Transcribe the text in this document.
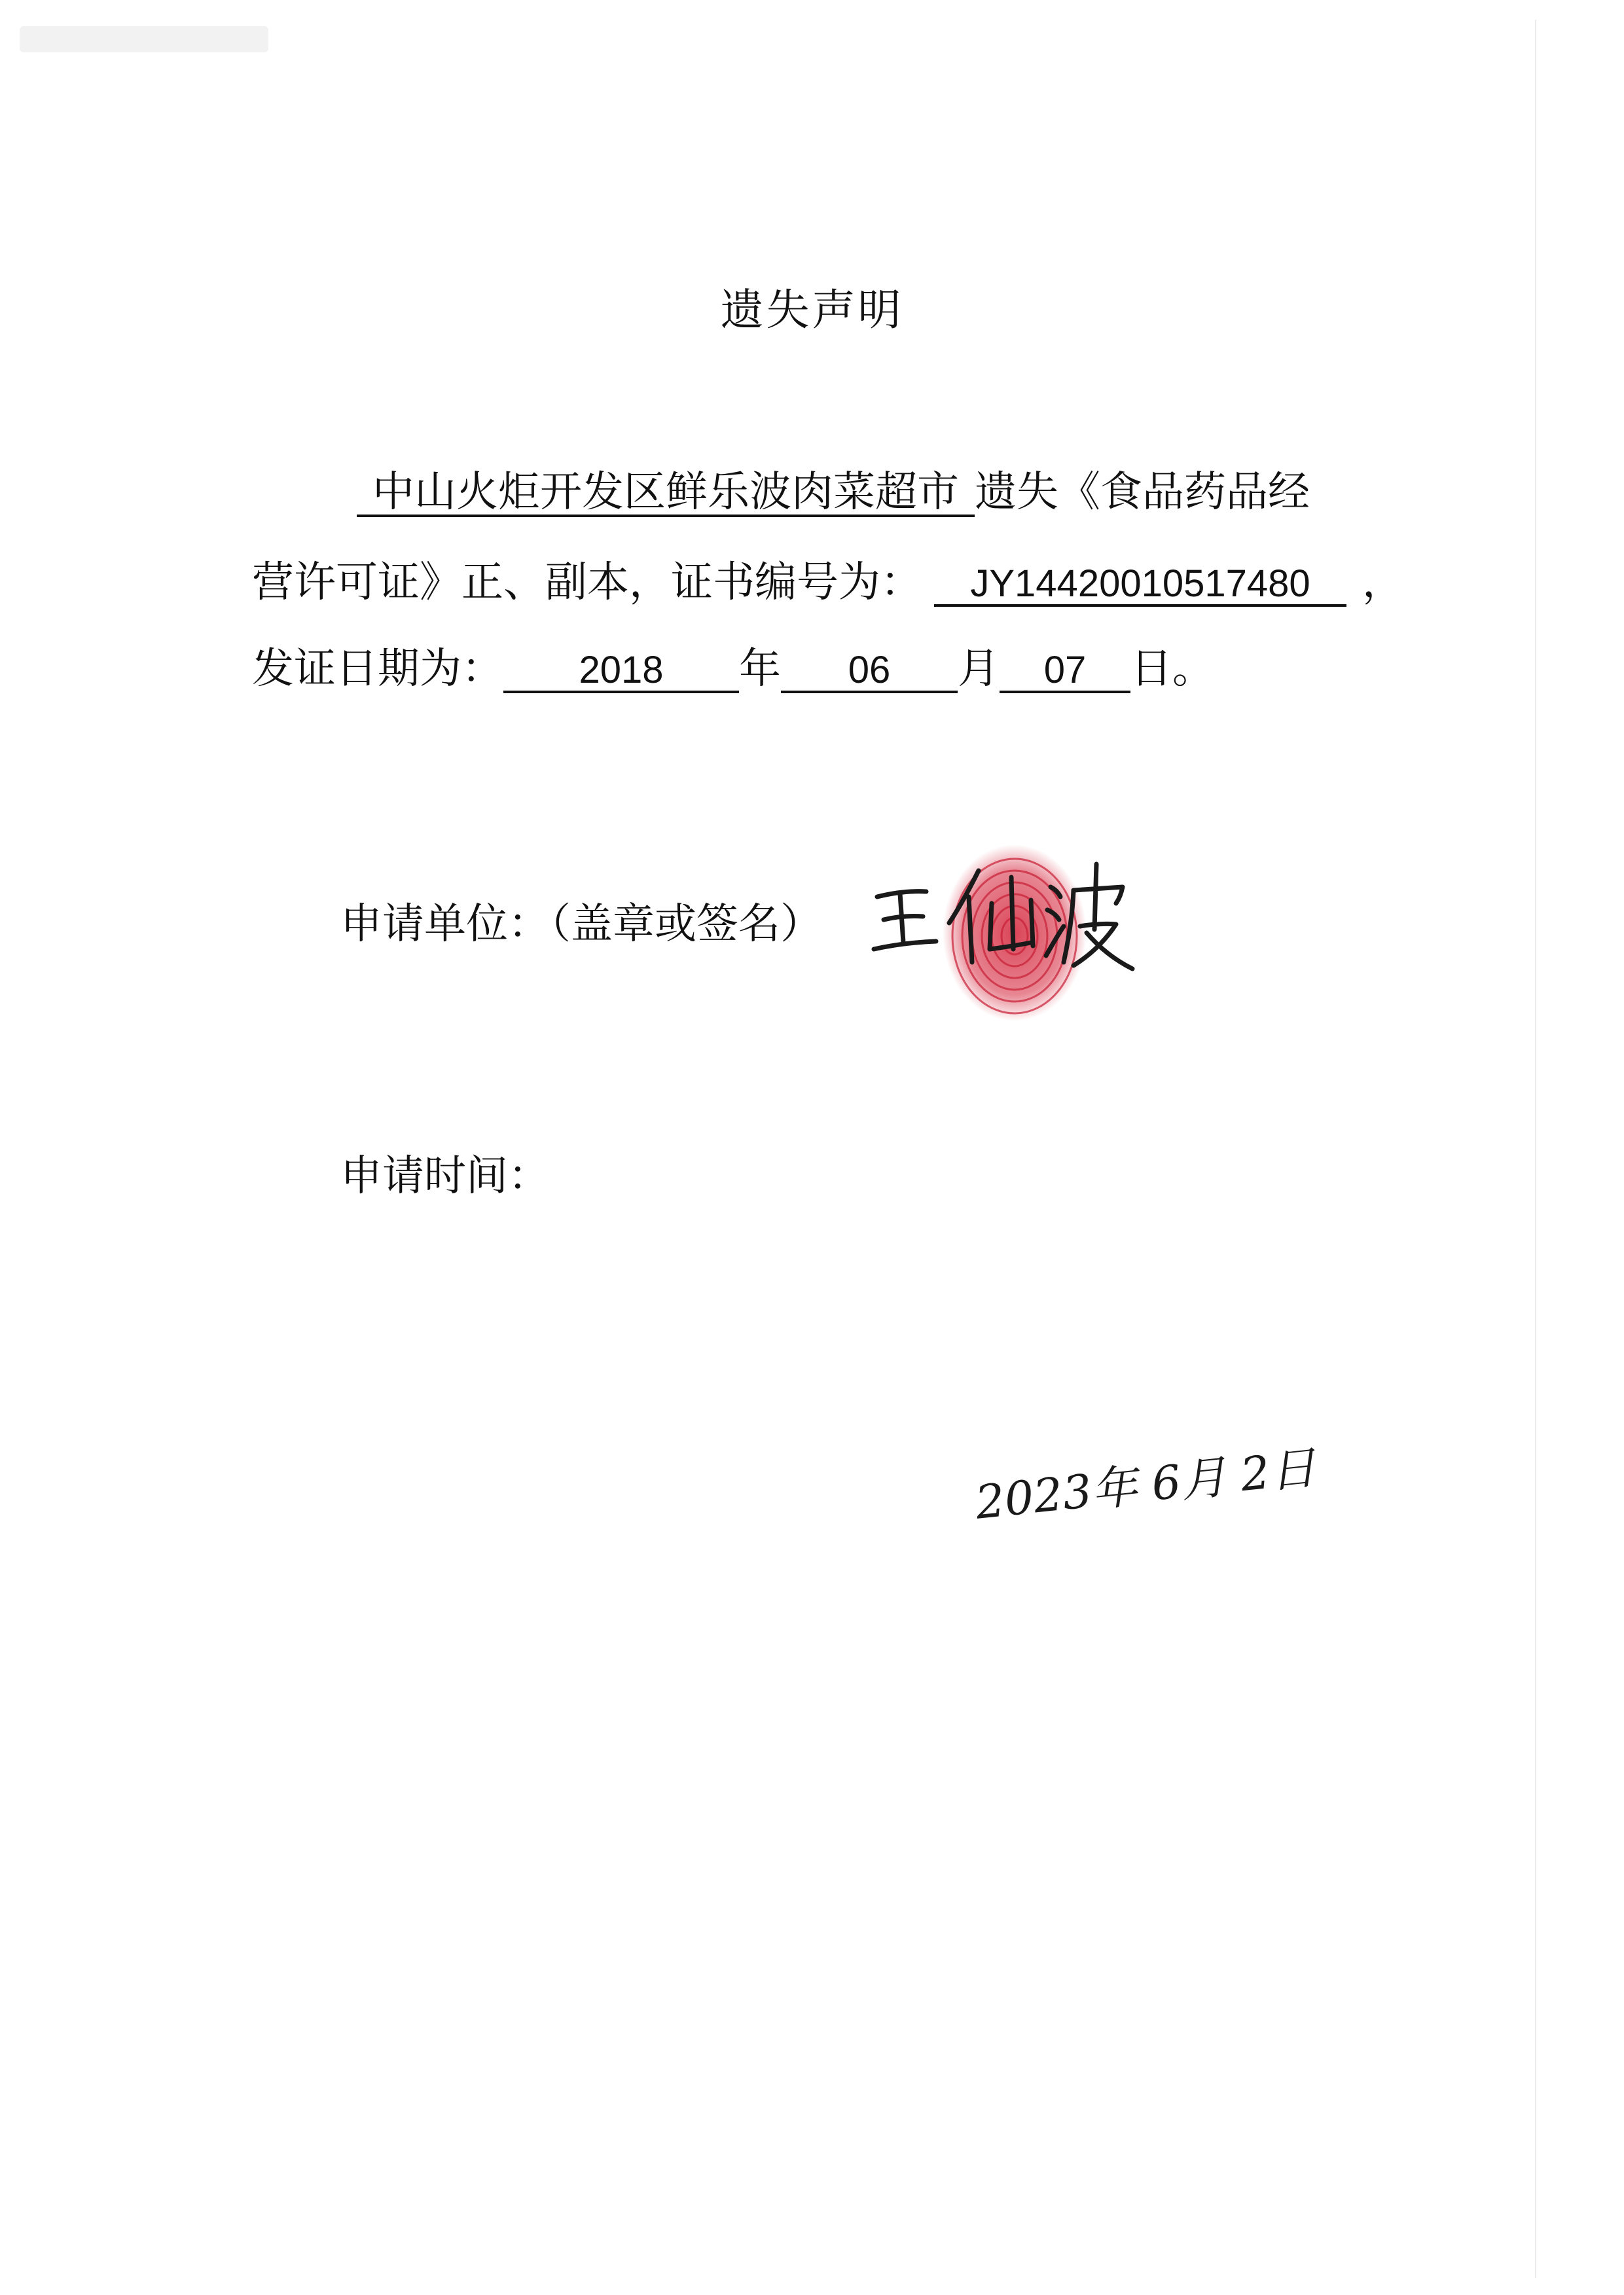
遗失声明
中山火炬开发区鲜乐波肉菜超市 遗失《食品药品经
营许可证》正、副本，证书编号为： JY14420010517480 ，
发证日期为： 2018 年 06 月 07 日。
申请单位：（盖章或签名）
王仙波
申请时间：
2023年 6月 2日
